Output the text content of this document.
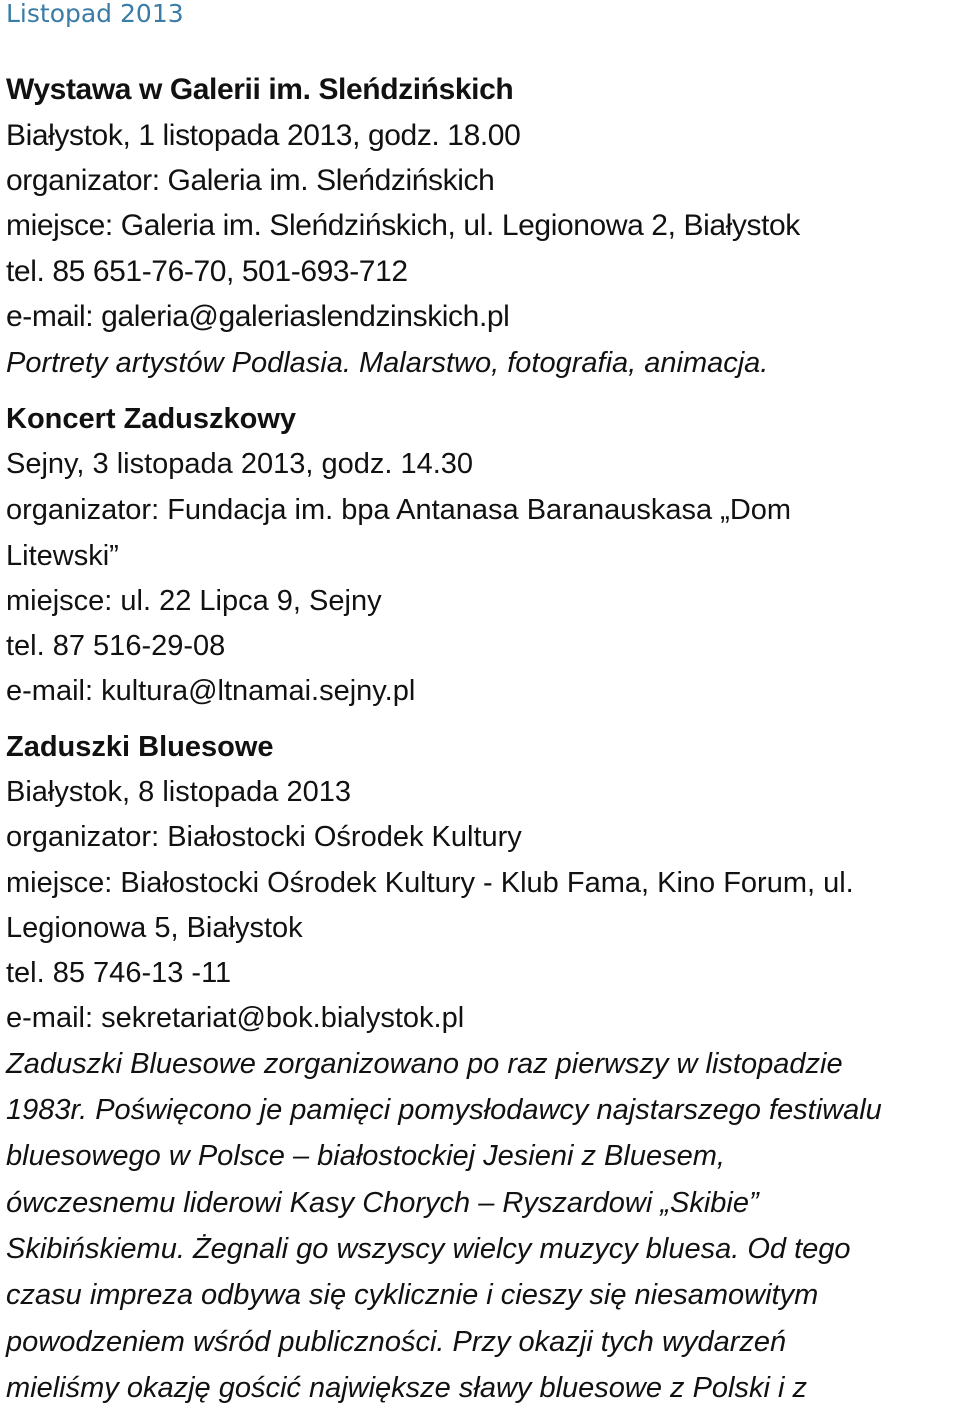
Listopad 2013
Wystawa w Galerii im. Sleńdzińskich
Białystok, 1 listopada 2013, godz. 18.00
organizator: Galeria im. Sleńdzińskich
miejsce: Galeria im. Sleńdzińskich, ul. Legionowa 2, Białystok
tel. 85 651-76-70, 501-693-712
e-mail: galeria@galeriaslendzinskich.pl
Portrety artystów Podlasia. Malarstwo, fotografia, animacja.
Koncert Zaduszkowy
Sejny, 3 listopada 2013, godz. 14.30
organizator: Fundacja im. bpa Antanasa Baranauskasa „Dom
Litewski”
miejsce: ul. 22 Lipca 9, Sejny
tel. 87 516-29-08
e-mail: kultura@ltnamai.sejny.pl
Zaduszki Bluesowe
Białystok, 8 listopada 2013
organizator: Białostocki Ośrodek Kultury
miejsce: Białostocki Ośrodek Kultury - Klub Fama, Kino Forum, ul.
Legionowa 5, Białystok
tel. 85 746-13 -11
e-mail: sekretariat@bok.bialystok.pl
Zaduszki Bluesowe zorganizowano po raz pierwszy w listopadzie
1983r. Poświęcono je pamięci pomysłodawcy najstarszego festiwalu
bluesowego w Polsce – białostockiej Jesieni z Bluesem,
ówczesnemu liderowi Kasy Chorych – Ryszardowi „Skibie”
Skibińskiemu. Żegnali go wszyscy wielcy muzycy bluesa. Od tego
czasu impreza odbywa się cyklicznie i cieszy się niesamowitym
powodzeniem wśród publiczności. Przy okazji tych wydarzeń
mieliśmy okazję gościć największe sławy bluesowe z Polski i z
